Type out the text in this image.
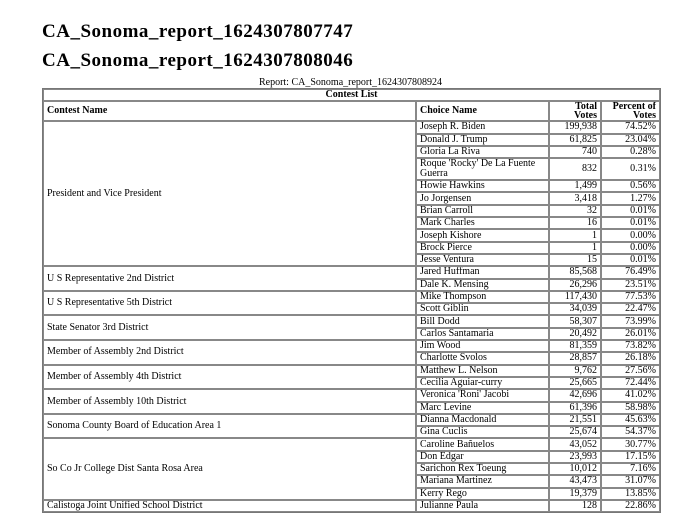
CA_Sonoma_report_1624307807747
CA_Sonoma_report_1624307808046
Report: CA_Sonoma_report_1624307808924
Contest List			
Contest Name	Choice Name	Total Votes	Percent of Votes

President and Vice President	Joseph R. Biden	199,938	74.52%
	Donald J. Trump	61,825	23.04%
	Gloria La Riva	740	0.28%
	Roque 'Rocky' De La Fuente Guerra	832	0.31%
	Howie Hawkins	1,499	0.56%
	Jo Jorgensen	3,418	1.27%
	Brian Carroll	32	0.01%
	Mark Charles	16	0.01%
	Joseph Kishore	1	0.00%
	Brock Pierce	1	0.00%
	Jesse Ventura	15	0.01%
U S Representative 2nd District	Jared Huffman	85,568	76.49%
	Dale K. Mensing	26,296	23.51%
U S Representative 5th District	Mike Thompson	117,430	77.53%
	Scott Giblin	34,039	22.47%
State Senator 3rd District	Bill Dodd	58,307	73.99%
	Carlos Santamaria	20,492	26.01%
Member of Assembly 2nd District	Jim Wood	81,359	73.82%
	Charlotte Svolos	28,857	26.18%
Member of Assembly 4th District	Matthew L. Nelson	9,762	27.56%
	Cecilia Aguiar-curry	25,665	72.44%
Member of Assembly 10th District	Veronica 'Roni' Jacobi	42,696	41.02%
	Marc Levine	61,396	58.98%
Sonoma County Board of Education Area 1	Dianna Macdonald	21,551	45.63%
	Gina Cuclis	25,674	54.37%
So Co Jr College Dist Santa Rosa Area	Caroline Bañuelos	43,052	30.77%
	Don Edgar	23,993	17.15%
	Sarichon Rex Toeung	10,012	7.16%
	Mariana Martinez	43,473	31.07%
	Kerry Rego	19,379	13.85%
Calistoga Joint Unified School District	Julianne Paula	128	22.86%
